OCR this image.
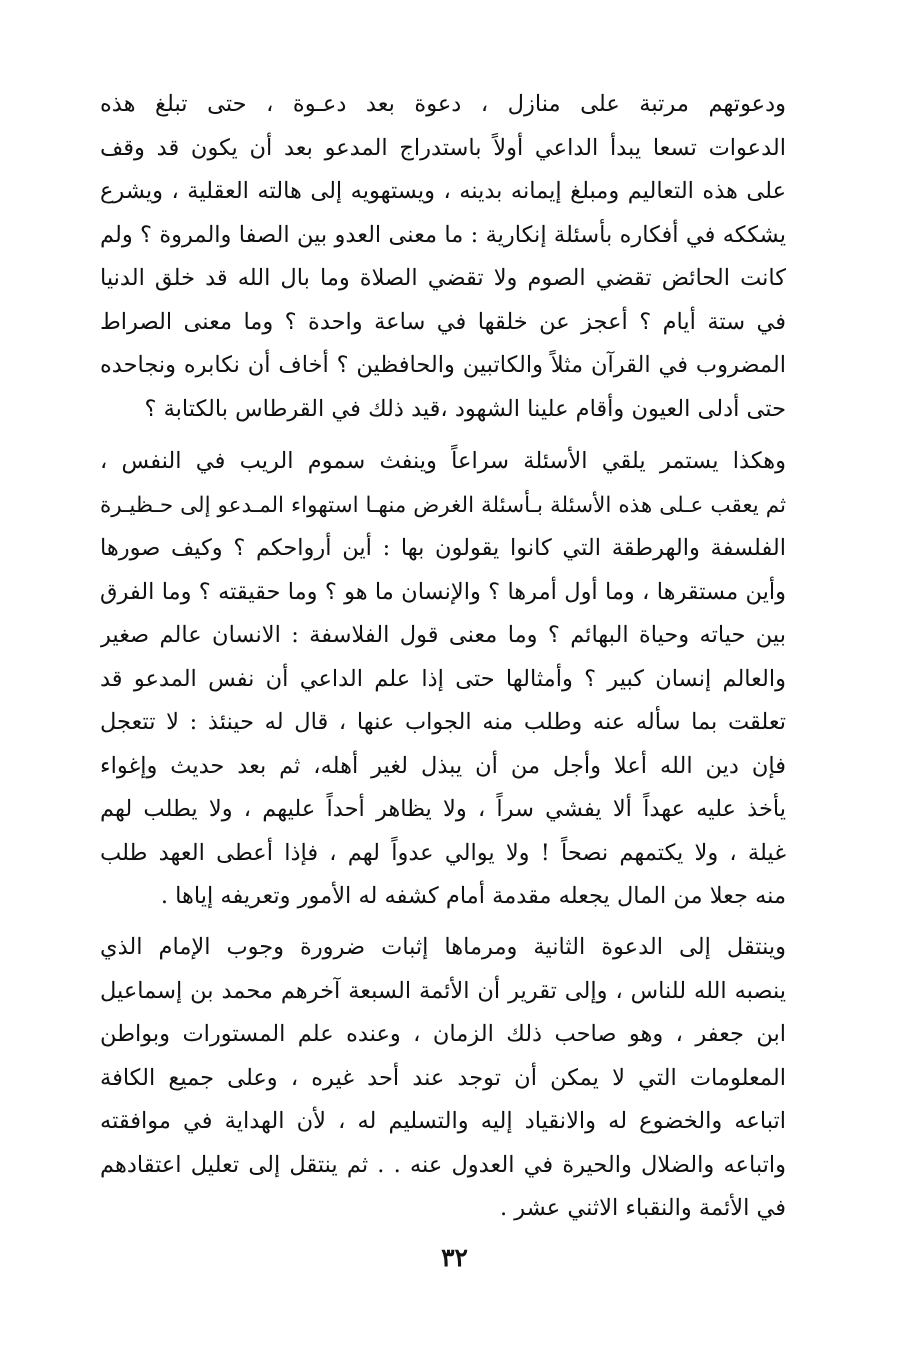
ودعوتهم مرتبة على منازل ، دعوة بعد دعـوة ، حتى تبلغ هذه
الدعوات تسعا يبدأ الداعي أولاً باستدراج المدعو بعد أن يكون قد وقف
على هذه التعاليم ومبلغ إيمانه بدينه ، ويستهويه إلى هالته العقلية ، ويشرع
يشككه في أفكاره بأسئلة إنكارية : ما معنى العدو بين الصفا والمروة ؟ ولم
كانت الحائض تقضي الصوم ولا تقضي الصلاة وما بال الله قد خلق الدنيا
في ستة أيام ؟ أعجز عن خلقها في ساعة واحدة ؟ وما معنى الصراط
المضروب في القرآن مثلاً والكاتبين والحافظين ؟ أخاف أن نكابره ونجاحده
حتى أدلى العيون وأقام علينا الشهود ،قيد ذلك في القرطاس بالكتابة ؟
وهكذا يستمر يلقي الأسئلة سراعاً وينفث سموم الريب في النفس ،
ثم يعقب عـلى هذه الأسئلة بـأسئلة الغرض منهـا استهواء المـدعو إلى حـظيـرة
الفلسفة والهرطقة التي كانوا يقولون بها : أين أرواحكم ؟ وكيف صورها
وأين مستقرها ، وما أول أمرها ؟ والإنسان ما هو ؟ وما حقيقته ؟ وما الفرق
بين حياته وحياة البهائم ؟ وما معنى قول الفلاسفة : الانسان عالم صغير
والعالم إنسان كبير ؟ وأمثالها حتى إذا علم الداعي أن نفس المدعو قد
تعلقت بما سأله عنه وطلب منه الجواب عنها ، قال له حينئذ : لا تتعجل
فإن دين الله أعلا وأجل من أن يبذل لغير أهله، ثم بعد حديث وإغواء
يأخذ عليه عهداً ألا يفشي سراً ، ولا يظاهر أحداً عليهم ، ولا يطلب لهم
غيلة ، ولا يكتمهم نصحاً ! ولا يوالي عدواً لهم ، فإذا أعطى العهد طلب
منه جعلا من المال يجعله مقدمة أمام كشفه له الأمور وتعريفه إياها .
وينتقل إلى الدعوة الثانية ومرماها إثبات ضرورة وجوب الإمام الذي
ينصبه الله للناس ، وإلى تقرير أن الأئمة السبعة آخرهم محمد بن إسماعيل
ابن جعفر ، وهو صاحب ذلك الزمان ، وعنده علم المستورات وبواطن
المعلومات التي لا يمكن أن توجد عند أحد غيره ، وعلى جميع الكافة
اتباعه والخضوع له والانقياد إليه والتسليم له ، لأن الهداية في موافقته
واتباعه والضلال والحيرة في العدول عنه . . ثم ينتقل إلى تعليل اعتقادهم
في الأئمة والنقباء الاثني عشر .
٣٢
